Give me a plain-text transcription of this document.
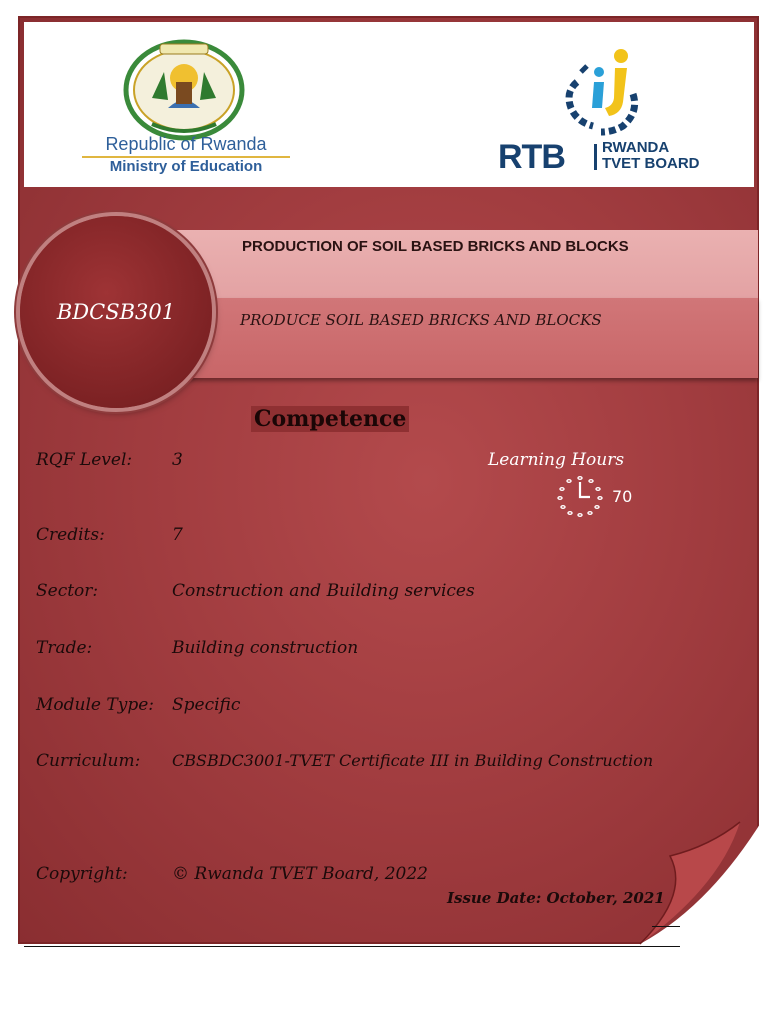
Republic of Rwanda
Ministry of Education	RTB RWANDA
TVET BOARD
PRODUCTION OF SOIL BASED BRICKS AND BLOCKS
PRODUCE SOIL BASED BRICKS AND BLOCKS
BDCSB301
Competence
RQF Level: 3	Learning Hours
70
Credits:	7
Sector:	Construction and Building services
Trade:	Building construction
Module Type: Specific
Curriculum: CBSBDC3001-TVET Certificate III in Building Construction
Copyright:	© Rwanda TVET Board, 2022
Issue Date: October, 2021
